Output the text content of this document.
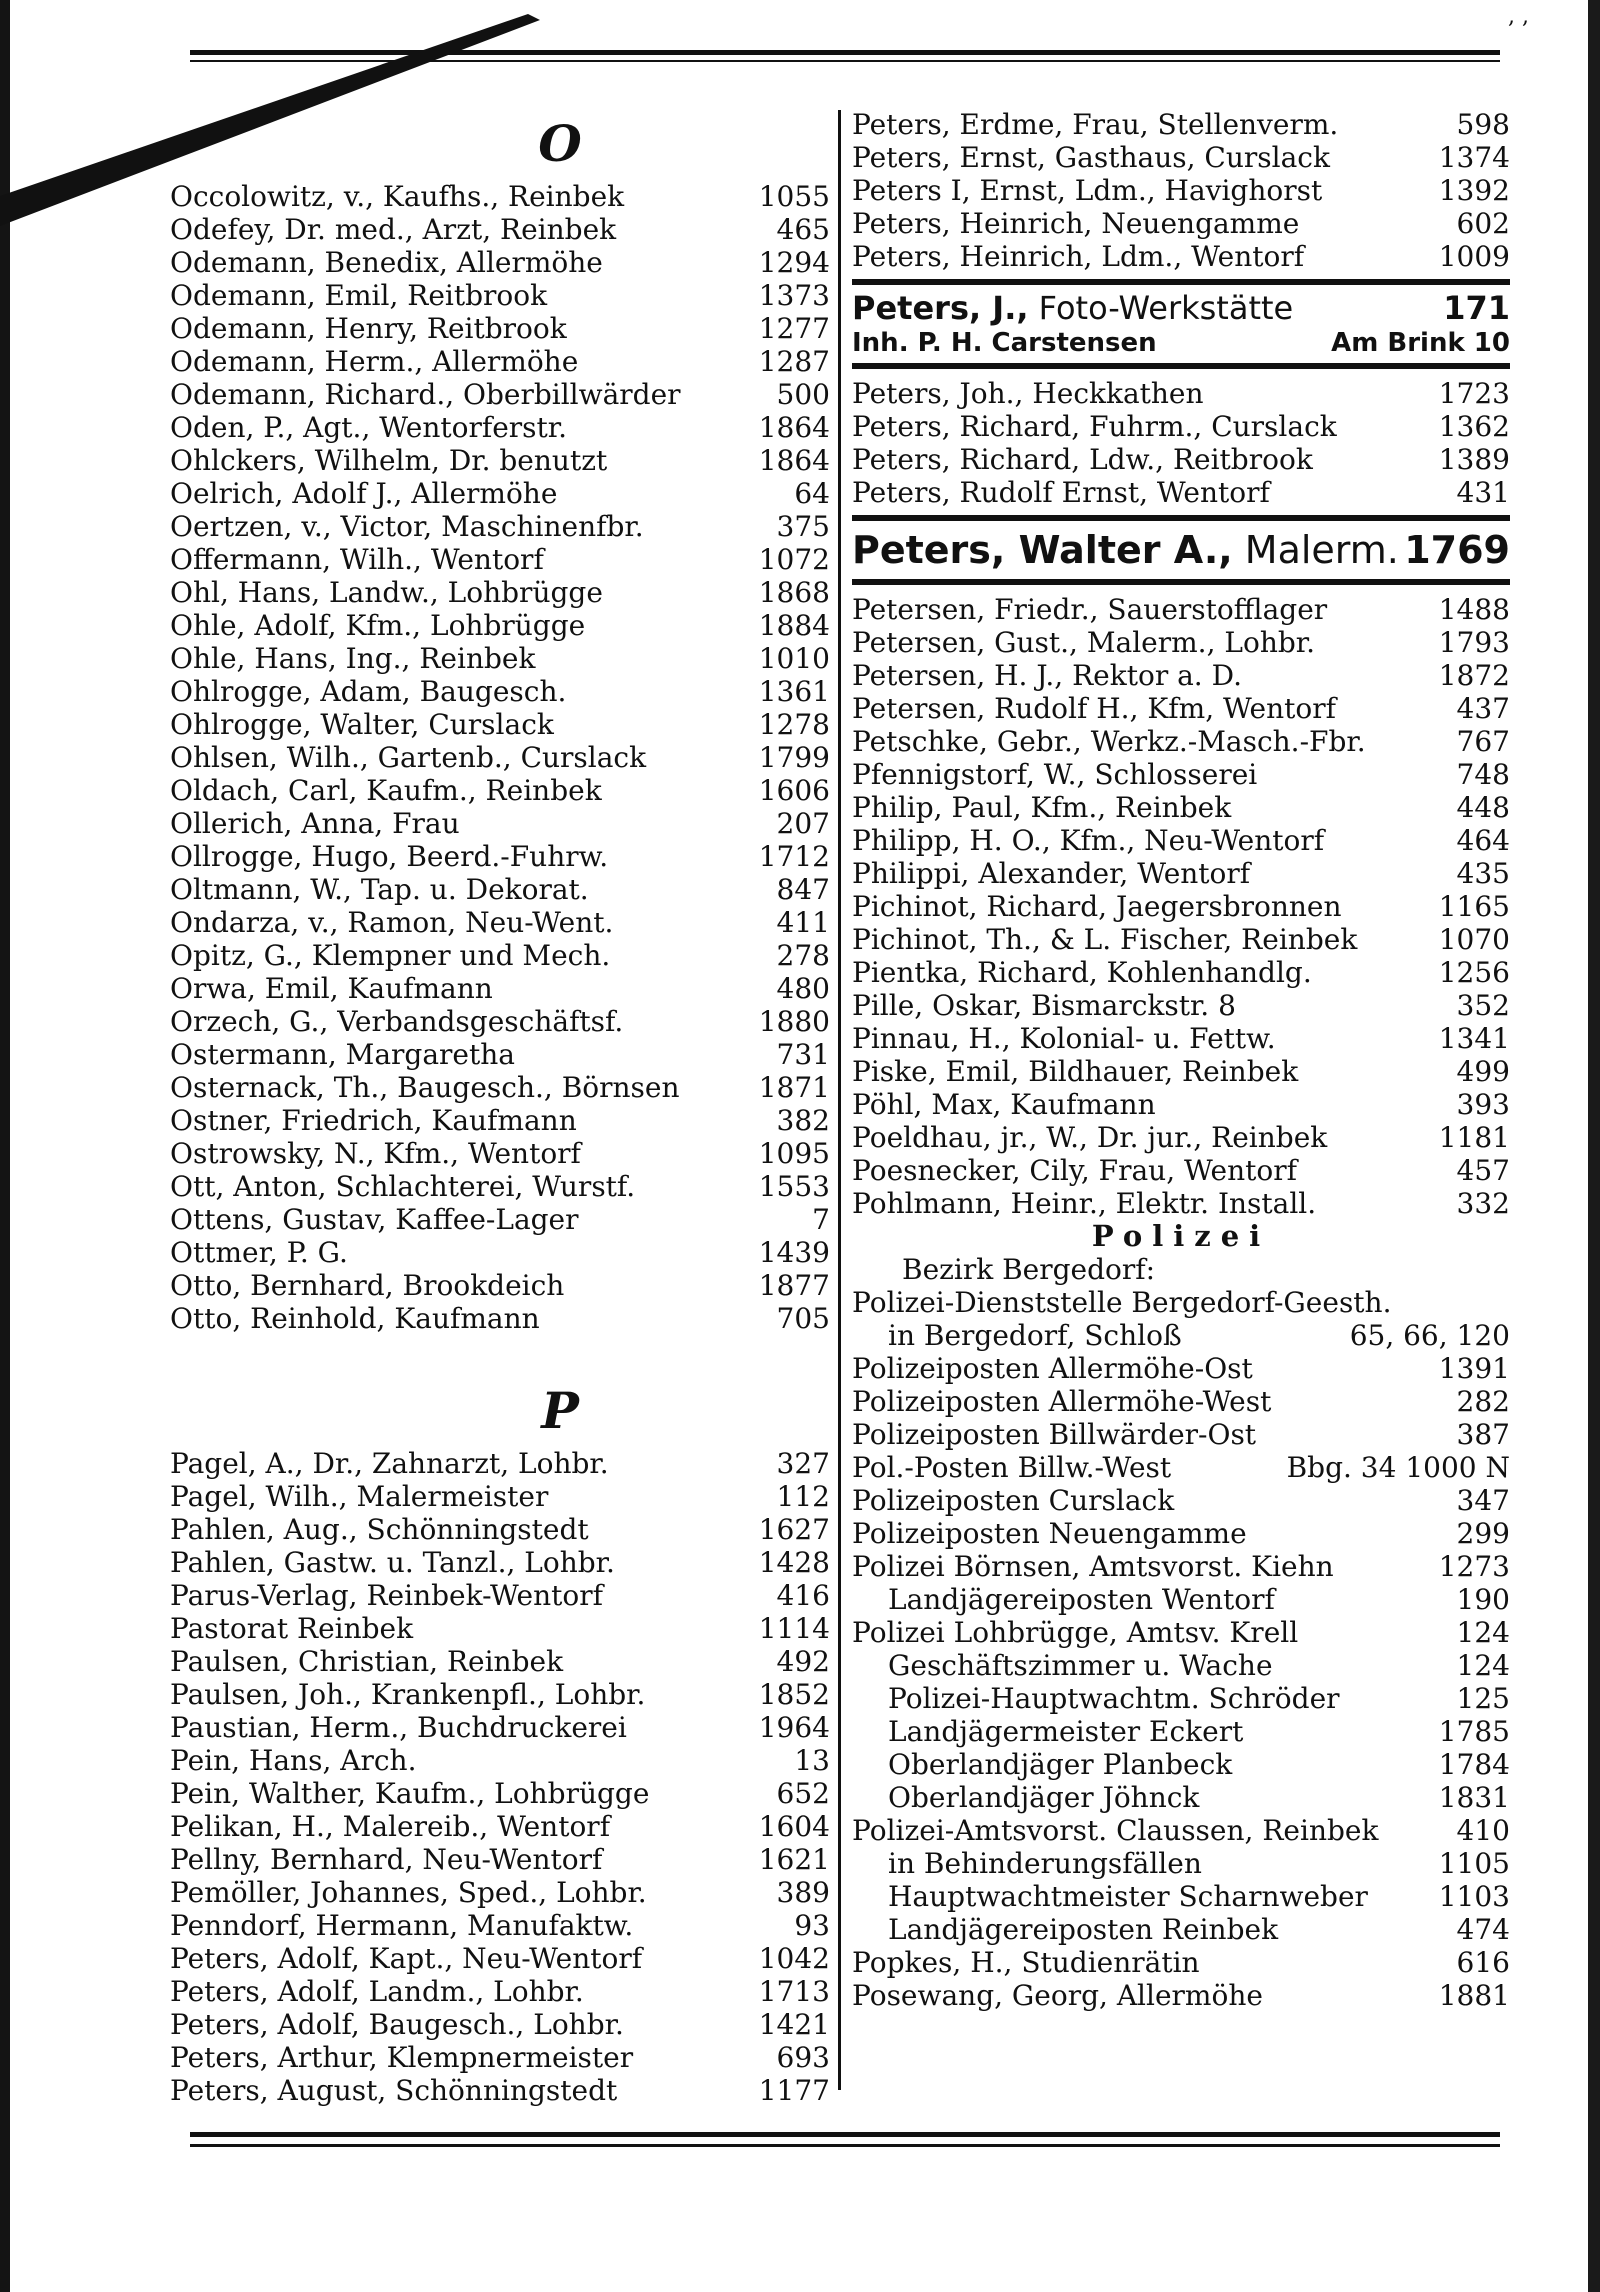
, ,
O
Occolowitz, v., Kaufhs., Reinbek	1055
Odefey, Dr. med., Arzt, Reinbek	465
Odemann, Benedix, Allermöhe	1294
Odemann, Emil, Reitbrook	1373
Odemann, Henry, Reitbrook	1277
Odemann, Herm., Allermöhe	1287
Odemann, Richard., Oberbillwärder	500
Oden, P., Agt., Wentorferstr.	1864
Ohlckers, Wilhelm, Dr. benutzt	1864
Oelrich, Adolf J., Allermöhe	64
Oertzen, v., Victor, Maschinenfbr.	375
Offermann, Wilh., Wentorf	1072
Ohl, Hans, Landw., Lohbrügge	1868
Ohle, Adolf, Kfm., Lohbrügge	1884
Ohle, Hans, Ing., Reinbek	1010
Ohlrogge, Adam, Baugesch.	1361
Ohlrogge, Walter, Curslack	1278
Ohlsen, Wilh., Gartenb., Curslack	1799
Oldach, Carl, Kaufm., Reinbek	1606
Ollerich, Anna, Frau	207
Ollrogge, Hugo, Beerd.-Fuhrw.	1712
Oltmann, W., Tap. u. Dekorat.	847
Ondarza, v., Ramon, Neu-Went.	411
Opitz, G., Klempner und Mech.	278
Orwa, Emil, Kaufmann	480
Orzech, G., Verbandsgeschäftsf.	1880
Ostermann, Margaretha	731
Osternack, Th., Baugesch., Börnsen	1871
Ostner, Friedrich, Kaufmann	382
Ostrowsky, N., Kfm., Wentorf	1095
Ott, Anton, Schlachterei, Wurstf.	1553
Ottens, Gustav, Kaffee-Lager	7
Ottmer, P. G.	1439
Otto, Bernhard, Brookdeich	1877
Otto, Reinhold, Kaufmann	705
P
Pagel, A., Dr., Zahnarzt, Lohbr.	327
Pagel, Wilh., Malermeister	112
Pahlen, Aug., Schönningstedt	1627
Pahlen, Gastw. u. Tanzl., Lohbr.	1428
Parus-Verlag, Reinbek-Wentorf	416
Pastorat Reinbek	1114
Paulsen, Christian, Reinbek	492
Paulsen, Joh., Krankenpfl., Lohbr.	1852
Paustian, Herm., Buchdruckerei	1964
Pein, Hans, Arch.	13
Pein, Walther, Kaufm., Lohbrügge	652
Pelikan, H., Malereib., Wentorf	1604
Pellny, Bernhard, Neu-Wentorf	1621
Pemöller, Johannes, Sped., Lohbr.	389
Penndorf, Hermann, Manufaktw.	93
Peters, Adolf, Kapt., Neu-Wentorf	1042
Peters, Adolf, Landm., Lohbr.	1713
Peters, Adolf, Baugesch., Lohbr.	1421
Peters, Arthur, Klempnermeister	693
Peters, August, Schönningstedt	1177
Peters, Erdme, Frau, Stellenverm.	598
Peters, Ernst, Gasthaus, Curslack	1374
Peters I, Ernst, Ldm., Havighorst	1392
Peters, Heinrich, Neuengamme	602
Peters, Heinrich, Ldm., Wentorf	1009
Peters, J., Foto-Werkstätte	171
Inh. P. H. Carstensen	Am Brink 10
Peters, Joh., Heckkathen	1723
Peters, Richard, Fuhrm., Curslack	1362
Peters, Richard, Ldw., Reitbrook	1389
Peters, Rudolf Ernst, Wentorf	431
Peters, Walter A., Malerm. 1769
Petersen, Friedr., Sauerstofflager	1488
Petersen, Gust., Malerm., Lohbr.	1793
Petersen, H. J., Rektor a. D.	1872
Petersen, Rudolf H., Kfm, Wentorf	437
Petschke, Gebr., Werkz.-Masch.-Fbr.	767
Pfennigstorf, W., Schlosserei	748
Philip, Paul, Kfm., Reinbek	448
Philipp, H. O., Kfm., Neu-Wentorf	464
Philippi, Alexander, Wentorf	435
Pichinot, Richard, Jaegersbronnen	1165
Pichinot, Th., & L. Fischer, Reinbek	1070
Pientka, Richard, Kohlenhandlg.	1256
Pille, Oskar, Bismarckstr. 8	352
Pinnau, H., Kolonial- u. Fettw.	1341
Piske, Emil, Bildhauer, Reinbek	499
Pöhl, Max, Kaufmann	393
Poeldhau, jr., W., Dr. jur., Reinbek	1181
Poesnecker, Cily, Frau, Wentorf	457
Pohlmann, Heinr., Elektr. Install.	332
Polizei
Bezirk Bergedorf:
Polizei-Dienststelle Bergedorf-Geesth.
in Bergedorf, Schloß	65, 66, 120
Polizeiposten Allermöhe-Ost	1391
Polizeiposten Allermöhe-West	282
Polizeiposten Billwärder-Ost	387
Pol.-Posten Billw.-West	Bbg. 34 1000 N
Polizeiposten Curslack	347
Polizeiposten Neuengamme	299
Polizei Börnsen, Amtsvorst. Kiehn	1273
Landjägereiposten Wentorf	190
Polizei Lohbrügge, Amtsv. Krell	124
Geschäftszimmer u. Wache	124
Polizei-Hauptwachtm. Schröder	125
Landjägermeister Eckert	1785
Oberlandjäger Planbeck	1784
Oberlandjäger Jöhnck	1831
Polizei-Amtsvorst. Claussen, Reinbek	410
in Behinderungsfällen	1105
Hauptwachtmeister Scharnweber	1103
Landjägereiposten Reinbek	474
Popkes, H., Studienrätin	616
Posewang, Georg, Allermöhe	1881
